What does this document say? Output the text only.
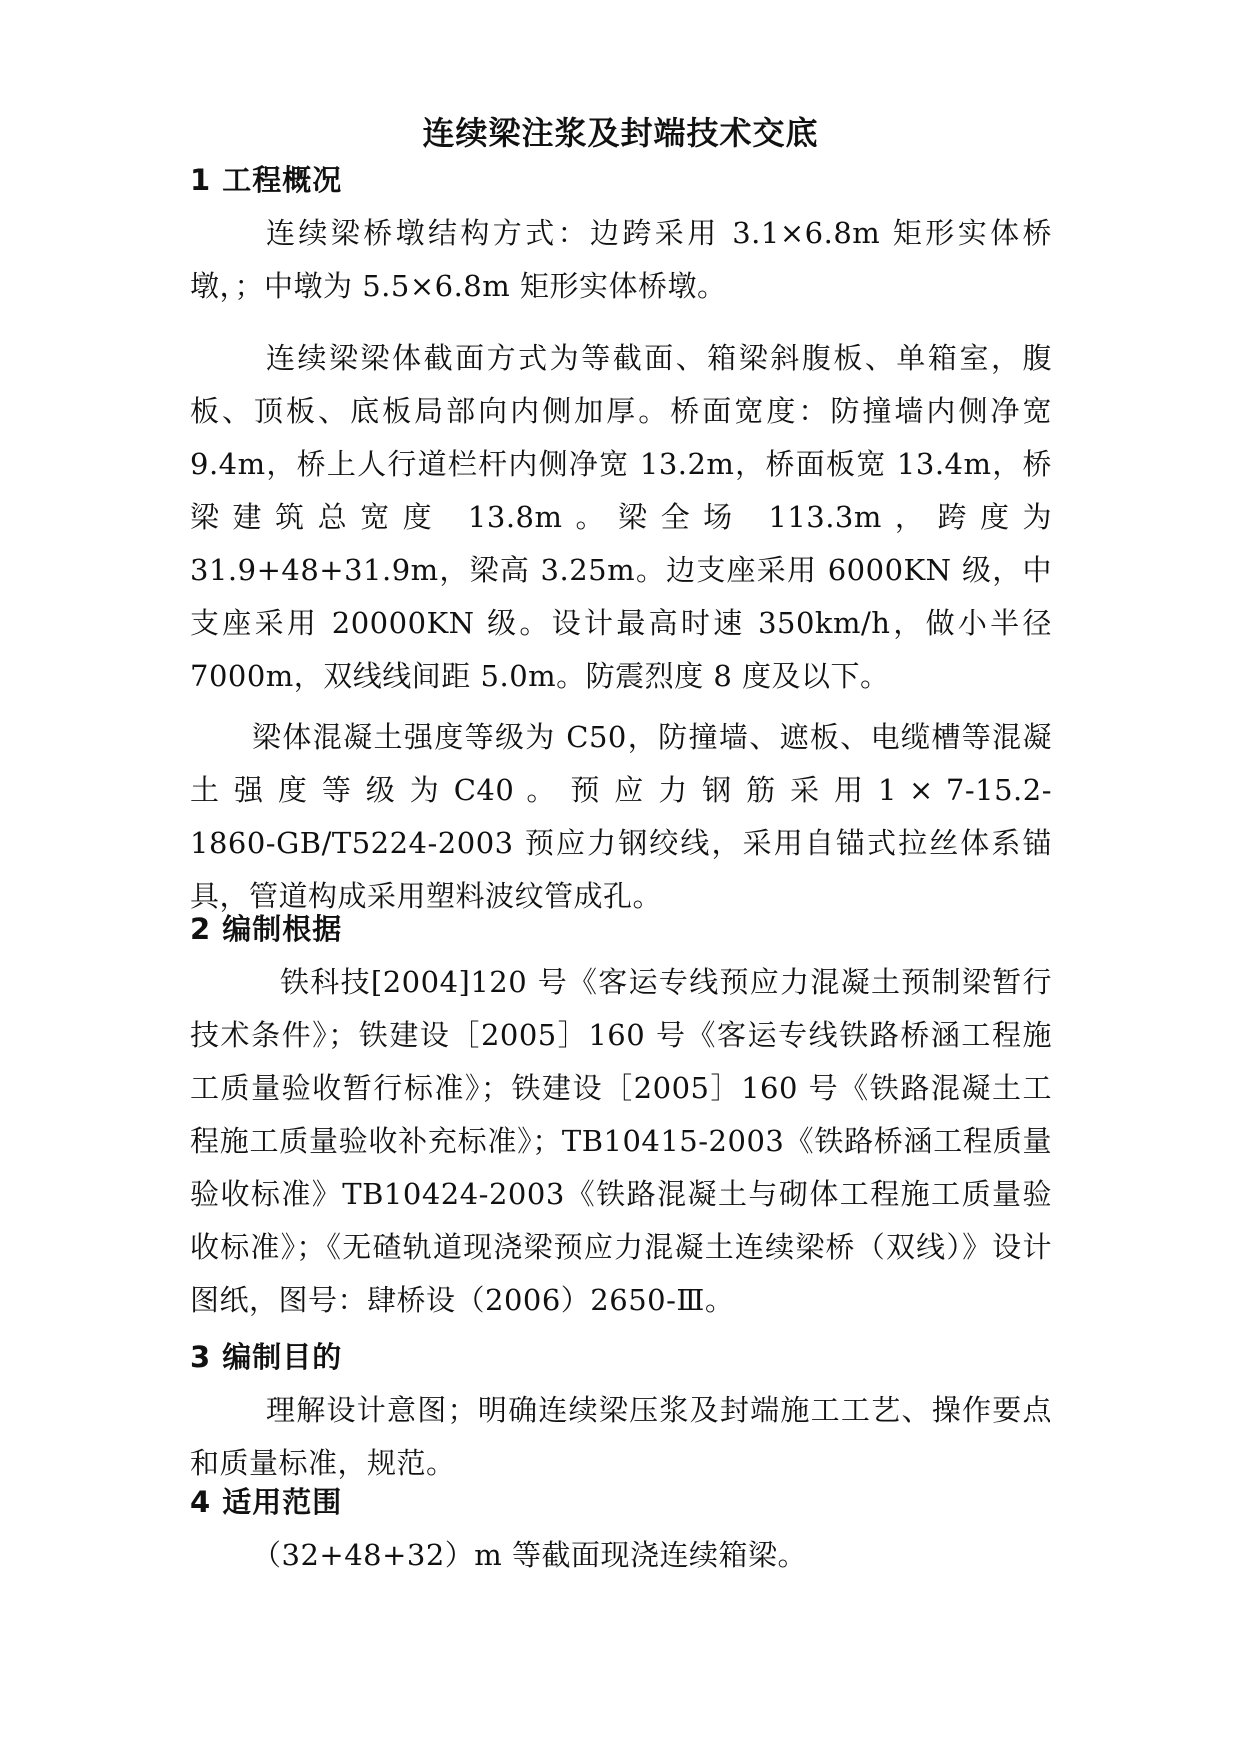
连续梁注浆及封端技术交底
1 工程概况
连续梁桥墩结构方式：边跨采用 3.1×6.8m 矩形实体桥墩，；中墩为 5.5×6.8m 矩形实体桥墩。
连续梁梁体截面方式为等截面、箱梁斜腹板、单箱室，腹板、顶板、底板局部向内侧加厚。桥面宽度：防撞墙内侧净宽 9.4m，桥上人行道栏杆内侧净宽 13.2m，桥面板宽 13.4m，桥梁建筑总宽度 13.8m。梁全场 113.3m，跨度为 31.9+48+31.9m，梁高 3.25m。边支座采用 6000KN 级，中支座采用 20000KN 级。设计最高时速 350km/h，做小半径 7000m，双线线间距 5.0m。防震烈度 8 度及以下。
梁体混凝土强度等级为 C50，防撞墙、遮板、电缆槽等混凝土 强 度 等 级 为 C40 。 预 应 力 钢 筋 采 用 1 × 7-15.2-1860-GB/T5224-2003 预应力钢绞线，采用自锚式拉丝体系锚具，管道构成采用塑料波纹管成孔。
2 编制根据
铁科技[2004]120 号《客运专线预应力混凝土预制梁暂行技术条件》；铁建设［2005］160 号《客运专线铁路桥涵工程施工质量验收暂行标准》；铁建设［2005］160 号《铁路混凝土工程施工质量验收补充标准》；TB10415-2003《铁路桥涵工程质量验收标准》TB10424-2003《铁路混凝土与砌体工程施工质量验收标准》；《无碴轨道现浇梁预应力混凝土连续梁桥（双线）》设计图纸，图号：肆桥设（2006）2650-Ⅲ。
3 编制目的
理解设计意图；明确连续梁压浆及封端施工工艺、操作要点和质量标准，规范。
4 适用范围
（32+48+32）m 等截面现浇连续箱梁。
